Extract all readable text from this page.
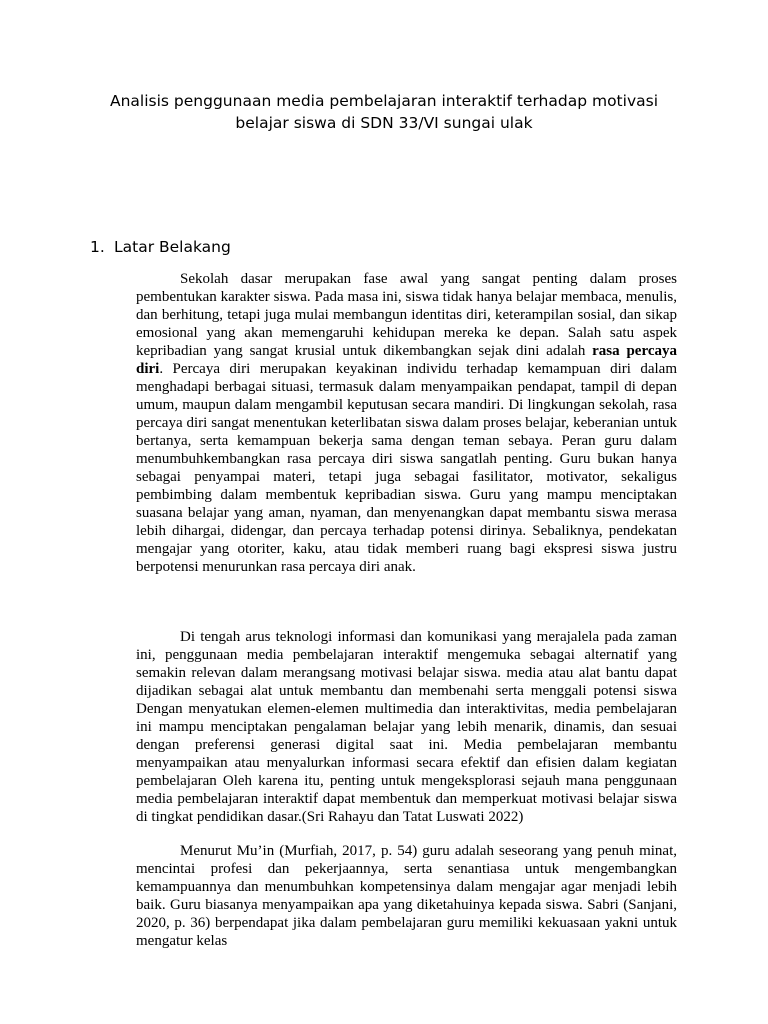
Analisis penggunaan media pembelajaran interaktif terhadap motivasi
belajar siswa di SDN 33/VI sungai ulak
1. Latar Belakang

Sekolah dasar merupakan fase awal yang sangat penting dalam proses pembentukan karakter siswa. Pada masa ini, siswa tidak hanya belajar membaca, menulis, dan berhitung, tetapi juga mulai membangun identitas diri, keterampilan sosial, dan sikap emosional yang akan memengaruhi kehidupan mereka ke depan. Salah satu aspek kepribadian yang sangat krusial untuk dikembangkan sejak dini adalah rasa percaya diri. Percaya diri merupakan keyakinan individu terhadap kemampuan diri dalam menghadapi berbagai situasi, termasuk dalam menyampaikan pendapat, tampil di depan umum, maupun dalam mengambil keputusan secara mandiri. Di lingkungan sekolah, rasa percaya diri sangat menentukan keterlibatan siswa dalam proses belajar, keberanian untuk bertanya, serta kemampuan bekerja sama dengan teman sebaya. Peran guru dalam menumbuhkembangkan rasa percaya diri siswa sangatlah penting. Guru bukan hanya sebagai penyampai materi, tetapi juga sebagai fasilitator, motivator, sekaligus pembimbing dalam membentuk kepribadian siswa. Guru yang mampu menciptakan suasana belajar yang aman, nyaman, dan menyenangkan dapat membantu siswa merasa lebih dihargai, didengar, dan percaya terhadap potensi dirinya. Sebaliknya, pendekatan mengajar yang otoriter, kaku, atau tidak memberi ruang bagi ekspresi siswa justru berpotensi menurunkan rasa percaya diri anak.

Di tengah arus teknologi informasi dan komunikasi yang merajalela pada zaman ini, penggunaan media pembelajaran interaktif mengemuka sebagai alternatif yang semakin relevan dalam merangsang motivasi belajar siswa. media atau alat bantu dapat dijadikan sebagai alat untuk membantu dan membenahi serta menggali potensi siswa Dengan menyatukan elemen-elemen multimedia dan interaktivitas, media pembelajaran ini mampu menciptakan pengalaman belajar yang lebih menarik, dinamis, dan sesuai dengan preferensi generasi digital saat ini. Media pembelajaran membantu menyampaikan atau menyalurkan informasi secara efektif dan efisien dalam kegiatan pembelajaran Oleh karena itu, penting untuk mengeksplorasi sejauh mana penggunaan media pembelajaran interaktif dapat membentuk dan memperkuat motivasi belajar siswa di tingkat pendidikan dasar.(Sri Rahayu dan Tatat Luswati 2022)

Menurut Mu’in (Murfiah, 2017, p. 54) guru adalah seseorang yang penuh minat, mencintai profesi dan pekerjaannya, serta senantiasa untuk mengembangkan kemampuannya dan menumbuhkan kompetensinya dalam mengajar agar menjadi lebih baik. Guru biasanya menyampaikan apa yang diketahuinya kepada siswa. Sabri (Sanjani, 2020, p. 36) berpendapat jika dalam pembelajaran guru memiliki kekuasaan yakni untuk mengatur kelas
